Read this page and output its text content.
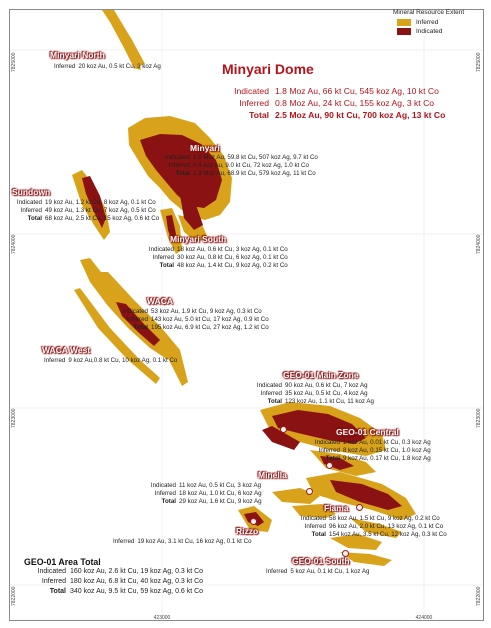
423000	424000
7825000
7824000
7823000
7822000
7825000
7824000
7823000
7822000
Mineral Resource Extent
Inferred
Indicated
Minyari Dome
Indicated 1.8 Moz Au, 66 kt Cu, 545 koz Ag, 10 kt Co
Inferred 0.8 Moz Au, 24 kt Cu, 155 koz Ag, 3 kt Co
Total 2.5 Moz Au, 90 kt Cu, 700 koz Ag, 13 kt Co
Minyari North
Inferred 20 koz Au, 0.5 kt Cu, 3 koz Ag
Minyari
Indicated 1.5 Moz Au, 59.8 kt Cu, 507 koz Ag, 9.7 kt Co
Inferred 0.4 koz Au, 9.0 kt Cu, 72 koz Ag, 1.0 kt Co
Total 1.9 Moz Au, 68.9 kt Cu, 579 koz Ag, 11 kt Co
Sundown
Indicated 19 koz Au, 1.2 kt Cu, 8 koz Ag, 0.1 kt Co
Inferred 49 koz Au, 1.3 kt Cu, 7 koz Ag, 0.5 kt Co
Total 68 koz Au, 2.5 kt Cu, 15 koz Ag, 0.6 kt Co
Minyari South
Indicated 18 koz Au, 0.6 kt Cu, 3 koz Ag, 0.1 kt Co
Inferred 30 koz Au, 0.8 kt Cu, 6 koz Ag, 0.1 kt Co
Total 48 koz Au, 1.4 kt Cu, 9 koz Ag, 0.2 kt Co
WACA
Indicated 53 koz Au, 1.9 kt Cu, 9 koz Ag, 0.3 kt Co
Inferred 143 koz Au, 5.0 kt Cu, 17 koz Ag, 0.9 kt Co
Total 195 koz Au, 6.9 kt Cu, 27 koz Ag, 1.2 kt Co
WACA West
Inferred 9 koz Au,0.8 kt Cu, 10 koz Ag, 0.1 kt Co
GEO-01 Main Zone
Indicated 90 koz Au, 0.6 kt Cu, 7 koz Ag
Inferred 35 koz Au, 0.5 kt Cu, 4 koz Ag
Total 123 koz Au, 1.1 kt Cu, 11 koz Ag
GEO-01 Central
Indicated 1 koz Au, 0.01 kt Cu, 0.3 koz Ag
Inferred 8 koz Au, 0.15 kt Cu, 1.0 koz Ag
Total 9 koz Au, 0.17 kt Cu, 1.8 koz Ag
Minella
Indicated 11 koz Au, 0.5 kt Cu, 3 koz Ag
Inferred 18 koz Au, 1.0 kt Cu, 6 koz Ag
Total 29 koz Au, 1.6 kt Cu, 9 koz Ag
Fiama
Indicated 58 koz Au, 1.5 kt Cu, 9 koz Ag, 0.2 kt Co
Inferred 96 koz Au, 2.0 kt Cu, 13 koz Ag, 0.1 kt Co
Total 154 koz Au, 3.5 kt Cu, 12 koz Ag, 0.3 kt Co
Rizzo
Inferred 19 koz Au, 3.1 kt Cu, 16 koz Ag, 0.1 kt Co
GEO-01 South
Inferred 5 koz Au, 0.1 kt Cu, 1 koz Ag
GEO-01 Area Total
Indicated 160 koz Au, 2.6 kt Cu, 19 koz Ag, 0.3 kt Co
Inferred 180 koz Au, 6.8 kt Cu, 40 koz Ag, 0.3 kt Co
Total 340 koz Au, 9.5 kt Cu, 59 koz Ag, 0.6 kt Co
